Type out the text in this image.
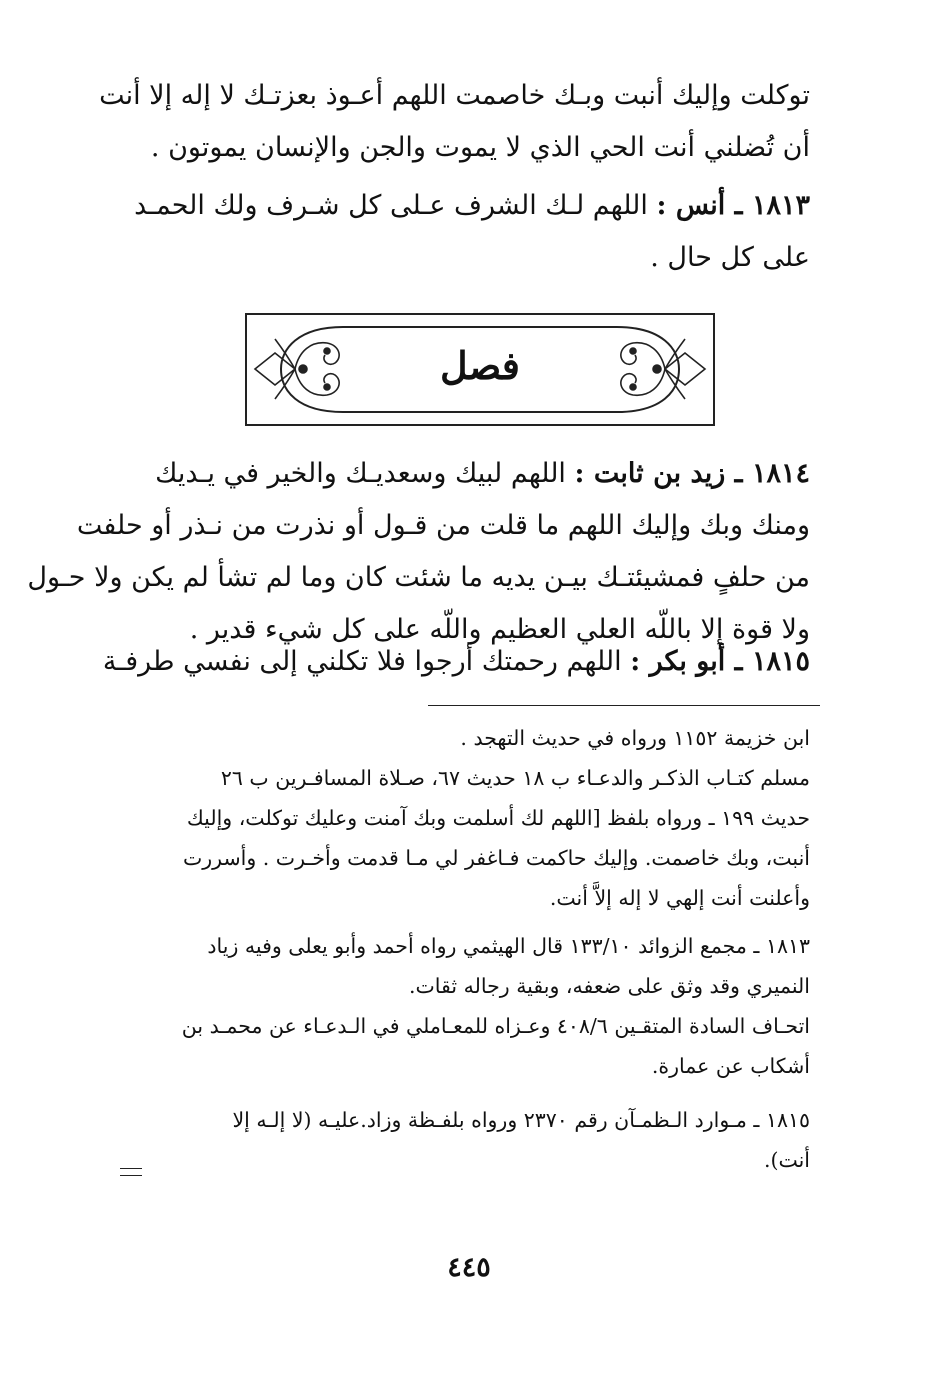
توكلت وإليك أنبت وبـك خاصمت اللهم أعـوذ بعزتـك لا إله إلا أنت
أن تُضلني أنت الحي الذي لا يموت والجن والإنسان يموتون .
١٨١٣ ـ أنس : اللهم لـك الشرف عـلى كل شـرف ولك الحمـد
على كل حال .
فصل
١٨١٤ ـ زيد بن ثابت : اللهم لبيك وسعديـك والخير في يـديك
ومنك وبك وإليك اللهم ما قلت من قـول أو نذرت من نـذر أو حلفت
من حلفٍ فمشيئتـك بيـن يديه ما شئت كان وما لم تشأ لم يكن ولا حـول
ولا قوة إلا باللّه العلي العظيم واللّه على كل شيء قدير .
١٨١٥ ـ أبو بكر : اللهم رحمتك أرجوا فلا تكلني إلى نفسي طرفـة
ابن خزيمة ١١٥٢ ورواه في حديث التهجد .
مسلم كتـاب الذكـر والدعـاء ب ١٨ حديث ٦٧، صـلاة المسافـرين ب ٢٦
حديث ١٩٩ ـ ورواه بلفظ [اللهم لك أسلمت وبك آمنت وعليك توكلت، وإليك
أنبت، وبك خاصمت. وإليك حاكمت فـاغفر لي مـا قدمت وأخـرت . وأسررت
وأعلنت أنت إلهي لا إله إلاَّ أنت.
١٨١٣ ـ مجمع الزوائد ١٣٣/١٠ قال الهيثمي رواه أحمد وأبو يعلى وفيه زياد
النميري وقد وثق على ضعفه، وبقية رجاله ثقات.
اتحـاف السادة المتقـين ٤٠٨/٦ وعـزاه للمعـاملي في الـدعـاء عن محمـد بن
أشكاب عن عمارة.
١٨١٥ ـ مـوارد الـظمـآن رقم ٢٣٧٠ ورواه بلفـظة وزاد.عليـه (لا إلـه إلا
أنت).
٤٤٥
